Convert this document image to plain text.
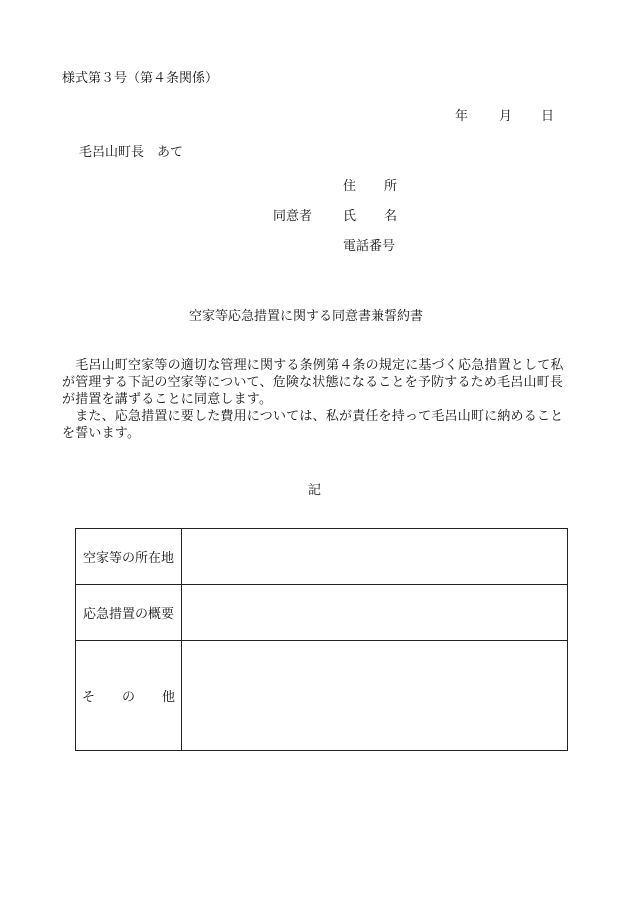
様式第３号（第４条関係）
年 月 日
毛呂山町長　あて
住 所
同意者 氏 名
電話番号
空家等応急措置に関する同意書兼誓約書
　毛呂山町空家等の適切な管理に関する条例第４条の規定に基づく応急措置として私が管理する下記の空家等について、危険な状態になることを予防するため毛呂山町長が措置を講ずることに同意します。
　また、応急措置に要した費用については、私が責任を持って毛呂山町に納めることを誓います。
記
空家等の所在地	
応急措置の概要	

そ の 他	
